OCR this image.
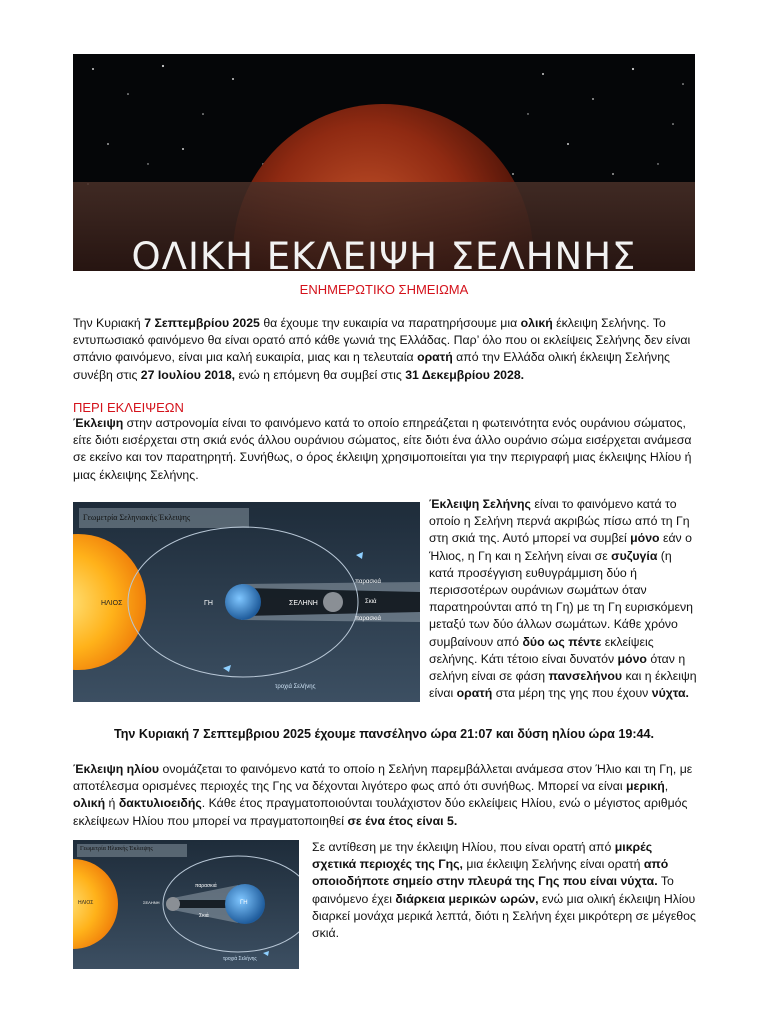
ΟΛΙΚΗ ΕΚΛΕΙΨΗ ΣΕΛΗΝΗΣ
ΕΝΗΜΕΡΩΤΙΚΟ ΣΗΜΕΙΩΜΑ
Την Κυριακή 7 Σεπτεμβρίου 2025 θα έχουμε την ευκαιρία να παρατηρήσουμε μια ολική έκλειψη Σελήνης. Το εντυπωσιακό φαινόμενο θα είναι ορατό από κάθε γωνιά της Ελλάδας. Παρ’ όλο που οι εκλείψεις Σελήνης δεν είναι σπάνιο φαινόμενο, είναι μια καλή ευκαιρία, μιας και η τελευταία ορατή από την Ελλάδα ολική έκλειψη Σελήνης συνέβη στις 27 Ιουλίου 2018, ενώ η επόμενη θα συμβεί στις 31 Δεκεμβρίου 2028.
ΠΕΡΙ ΕΚΛΕΙΨΕΩΝ
Έκλειψη στην αστρονομία είναι το φαινόμενο κατά το οποίο επηρεάζεται η φωτεινότητα ενός ουράνιου σώματος, είτε διότι εισέρχεται στη σκιά ενός άλλου ουράνιου σώματος, είτε διότι ένα άλλο ουράνιο σώμα εισέρχεται ανάμεσα σε εκείνο και τον παρατηρητή. Συνήθως, ο όρος έκλειψη χρησιμοποιείται για την περιγραφή μιας έκλειψης Ηλίου ή μιας έκλειψης Σελήνης.
Γεωμετρία Σεληνιακής Έκλειψης
ΗΛΙΟΣ	ΓΗ	ΣΕΛΗΝΗ
παρασκιά
Σκιά
παρασκιά
τροχιά Σελήνης
Έκλειψη Σελήνης είναι το φαινόμενο κατά το οποίο η Σελήνη περνά ακριβώς πίσω από τη Γη στη σκιά της. Αυτό μπορεί να συμβεί μόνο εάν ο Ήλιος, η Γη και η Σελήνη είναι σε συζυγία (η κατά προσέγγιση ευθυγράμμιση δύο ή περισσοτέρων ουράνιων σωμάτων όταν παρατηρούνται από τη Γη) με τη Γη ευρισκόμενη μεταξύ των δύο άλλων σωμάτων. Κάθε χρόνο συμβαίνουν από δύο ως πέντε εκλείψεις σελήνης. Κάτι τέτοιο είναι δυνατόν μόνο όταν η σελήνη είναι σε φάση πανσελήνου και η έκλειψη είναι ορατή στα μέρη της γης που έχουν νύχτα.
Την Κυριακή 7 Σεπτεμβριου 2025 έχουμε πανσέληνο ώρα 21:07 και δύση ηλίου ώρα 19:44.
Έκλειψη ηλίου ονομάζεται το φαινόμενο κατά το οποίο η Σελήνη παρεμβάλλεται ανάμεσα στον Ήλιο και τη Γη, με αποτέλεσμα ορισμένες περιοχές της Γης να δέχονται λιγότερο φως από ότι συνήθως. Μπορεί να είναι μερική, ολική ή δακτυλιοειδής. Κάθε έτος πραγματοποιούνται τουλάχιστον δύο εκλείψεις Ηλίου, ενώ ο μέγιστος αριθμός εκλείψεων Ηλίου που μπορεί να πραγματοποιηθεί σε ένα έτος είναι 5.
Γεωμετρία Ηλιακής Έκλειψης
ΗΛΙΟΣ	ΣΕΛΗΝΗ	ΓΗ
παρασκιά
Σκιά
τροχιά Σελήνης
Σε αντίθεση με την έκλειψη Ηλίου, που είναι ορατή από μικρές σχετικά περιοχές της Γης, μια έκλειψη Σελήνης είναι ορατή από οποιοδήποτε σημείο στην πλευρά της Γης που είναι νύχτα. Το φαινόμενο έχει διάρκεια μερικών ωρών, ενώ μια ολική έκλειψη Ηλίου διαρκεί μονάχα μερικά λεπτά, διότι η Σελήνη έχει μικρότερη σε μέγεθος σκιά.
